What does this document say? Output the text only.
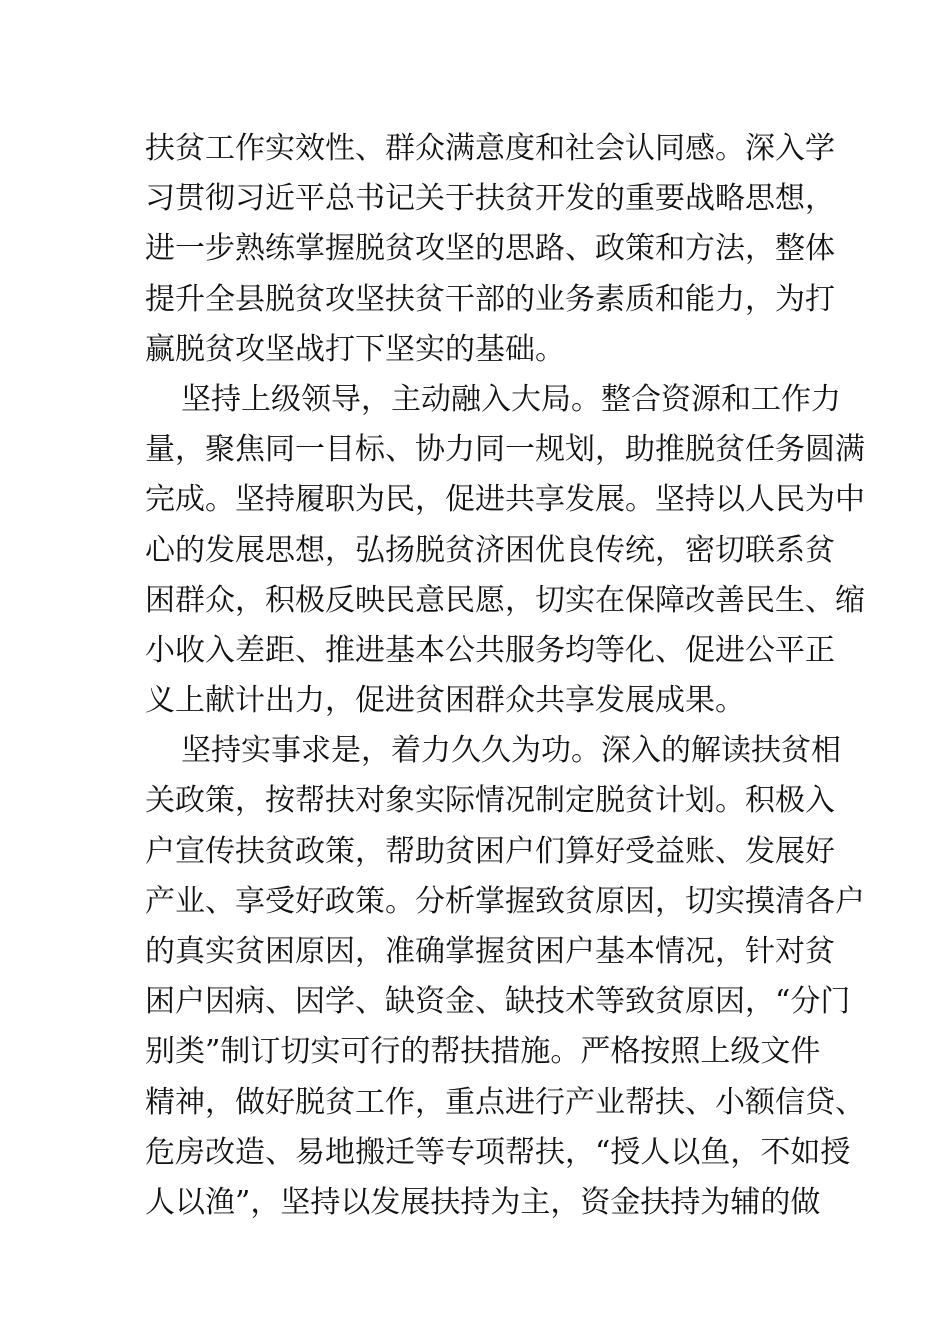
扶贫工作实效性、群众满意度和社会认同感。深入学
习贯彻习近平总书记关于扶贫开发的重要战略思想，
进一步熟练掌握脱贫攻坚的思路、政策和方法，整体
提升全县脱贫攻坚扶贫干部的业务素质和能力，为打
赢脱贫攻坚战打下坚实的基础。
坚持上级领导，主动融入大局。整合资源和工作力
量，聚焦同一目标、协力同一规划，助推脱贫任务圆满
完成。坚持履职为民，促进共享发展。坚持以人民为中
心的发展思想，弘扬脱贫济困优良传统，密切联系贫
困群众，积极反映民意民愿，切实在保障改善民生、缩
小收入差距、推进基本公共服务均等化、促进公平正
义上献计出力，促进贫困群众共享发展成果。
坚持实事求是，着力久久为功。深入的解读扶贫相
关政策，按帮扶对象实际情况制定脱贫计划。积极入
户宣传扶贫政策，帮助贫困户们算好受益账、发展好
产业、享受好政策。分析掌握致贫原因，切实摸清各户
的真实贫困原因，准确掌握贫困户基本情况，针对贫
困户因病、因学、缺资金、缺技术等致贫原因，“分门
别类”制订切实可行的帮扶措施。严格按照上级文件
精神，做好脱贫工作，重点进行产业帮扶、小额信贷、
危房改造、易地搬迁等专项帮扶，“授人以鱼，不如授
人以渔”，坚持以发展扶持为主，资金扶持为辅的做
